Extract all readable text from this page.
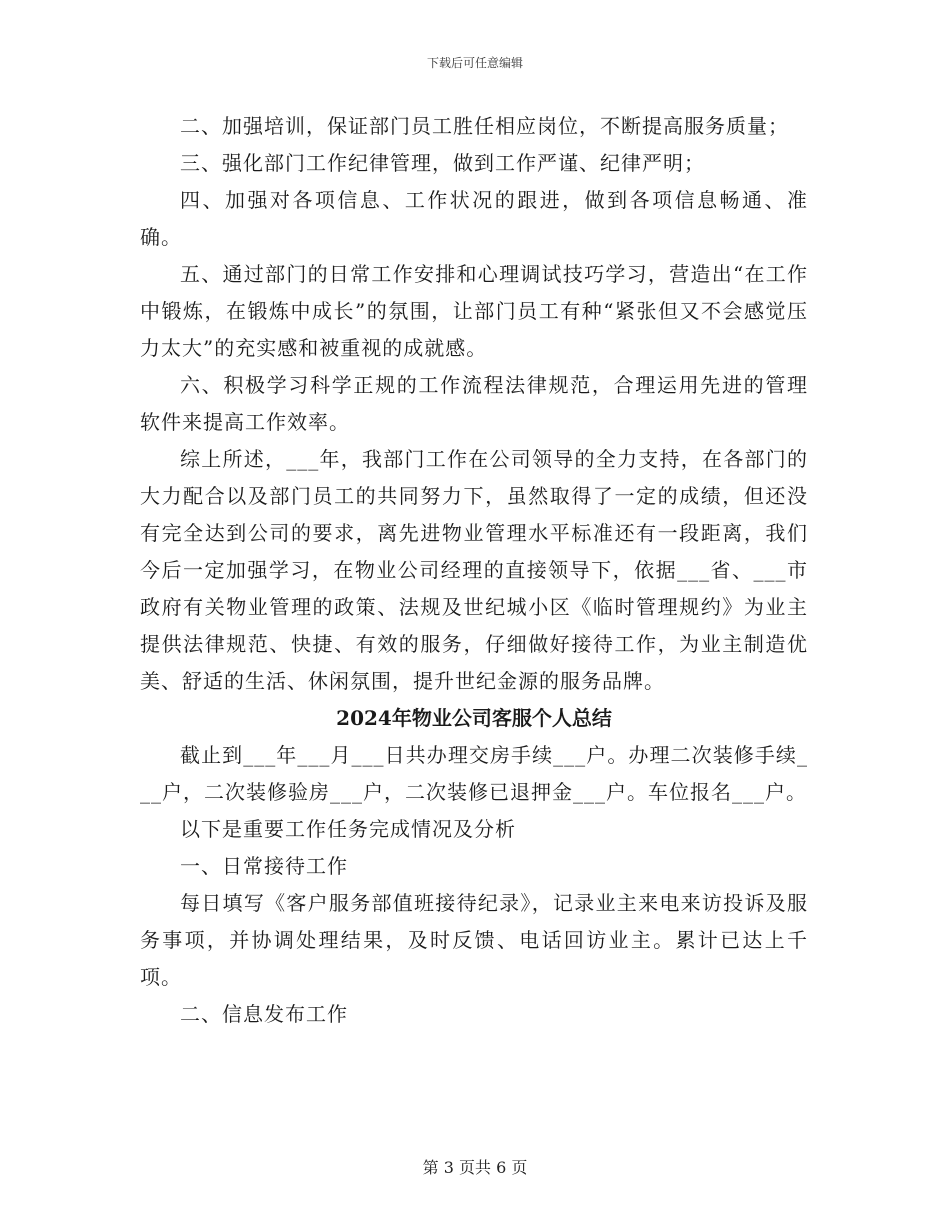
下载后可任意编辑

二、加强培训，保证部门员工胜任相应岗位，不断提高服务质量；

三、强化部门工作纪律管理，做到工作严谨、纪律严明；

四、加强对各项信息、工作状况的跟进，做到各项信息畅通、准确。

五、通过部门的日常工作安排和心理调试技巧学习，营造出“在工作中锻炼，在锻炼中成长”的氛围，让部门员工有种“紧张但又不会感觉压力太大”的充实感和被重视的成就感。

六、积极学习科学正规的工作流程法律规范，合理运用先进的管理软件来提高工作效率。

综上所述，___年，我部门工作在公司领导的全力支持，在各部门的大力配合以及部门员工的共同努力下，虽然取得了一定的成绩，但还没有完全达到公司的要求，离先进物业管理水平标准还有一段距离，我们今后一定加强学习，在物业公司经理的直接领导下，依据___省、___市政府有关物业管理的政策、法规及世纪城小区《临时管理规约》为业主提供法律规范、快捷、有效的服务，仔细做好接待工作，为业主制造优美、舒适的生活、休闲氛围，提升世纪金源的服务品牌。

2024年物业公司客服个人总结

截止到___年___月___日共办理交房手续___户。办理二次装修手续___户，二次装修验房___户，二次装修已退押金___户。车位报名___户。

以下是重要工作任务完成情况及分析

一、日常接待工作

每日填写《客户服务部值班接待纪录》，记录业主来电来访投诉及服务事项，并协调处理结果，及时反馈、电话回访业主。累计已达上千项。

二、信息发布工作

第 3 页共 6 页
